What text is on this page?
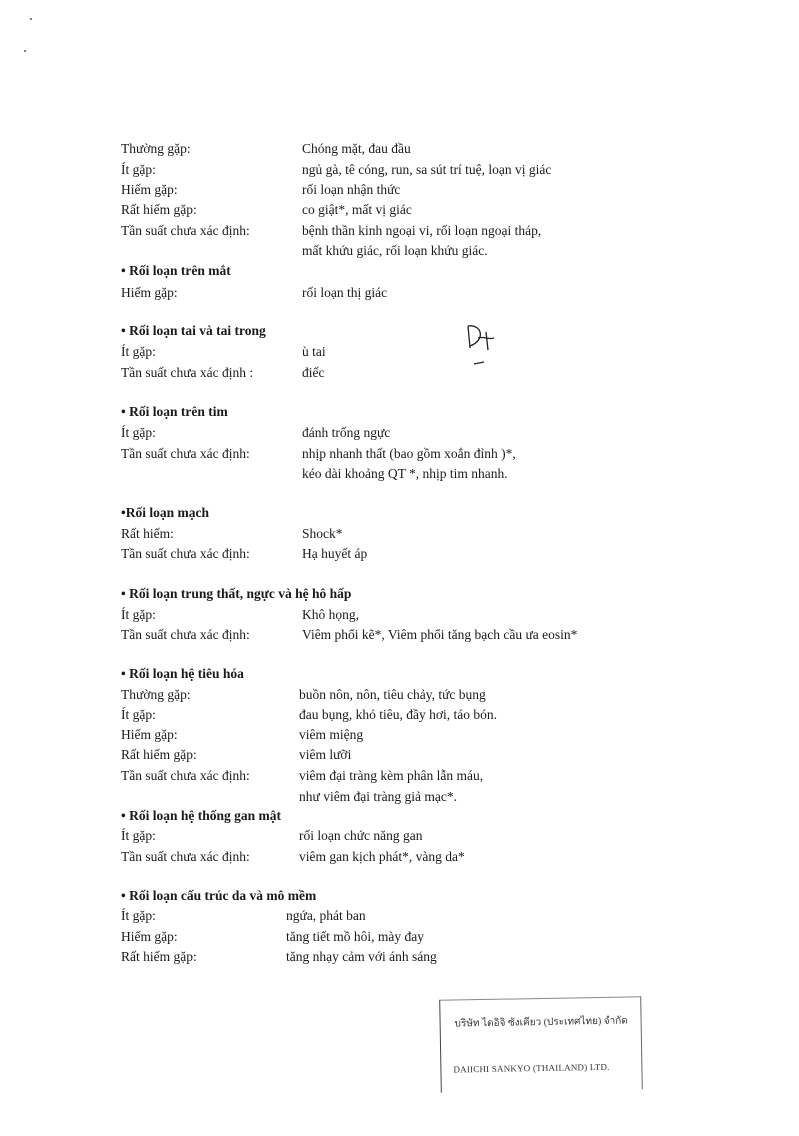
Thường gặp:	Chóng mặt, đau đầu
Ít gặp:	ngủ gà, tê cóng, run, sa sút trí tuệ, loạn vị giác
Hiếm gặp:	rối loạn nhận thức
Rất hiếm gặp:	co giật*, mất vị giác
Tần suất chưa xác định:	bệnh thần kinh ngoại vi, rối loạn ngoại tháp,
mất khứu giác, rối loạn khứu giác.
• Rối loạn trên mắt
Hiếm gặp:	rối loạn thị giác
• Rối loạn tai và tai trong
Ít gặp:	ù tai
Tần suất chưa xác định :	điếc
• Rối loạn trên tim
Ít gặp:	đánh trống ngực
Tần suất chưa xác định:	nhịp nhanh thất (bao gồm xoắn đỉnh )*,
kéo dài khoảng QT *, nhịp tim nhanh.
•Rối loạn mạch
Rất hiếm:	Shock*
Tần suất chưa xác định:	Hạ huyết áp
• Rối loạn trung thất, ngực và hệ hô hấp
Ít gặp:	Khô họng,
Tần suất chưa xác định:	Viêm phổi kẽ*, Viêm phổi tăng bạch cầu ưa eosin*
• Rối loạn hệ tiêu hóa
Thường gặp:	buồn nôn, nôn, tiêu chảy, tức bụng
Ít gặp:	đau bụng, khó tiêu, đầy hơi, táo bón.
Hiếm gặp:	viêm miệng
Rất hiếm gặp:	viêm lưỡi
Tần suất chưa xác định:	viêm đại tràng kèm phân lẫn máu,
như viêm đại tràng giả mạc*.
• Rối loạn hệ thống gan mật
Ít gặp:	rối loạn chức năng gan
Tần suất chưa xác định:	viêm gan kịch phát*, vàng da*
• Rối loạn cấu trúc da và mô mềm
Ít gặp:	ngứa, phát ban
Hiếm gặp:	tăng tiết mồ hôi, mày đay
Rất hiếm gặp:	tăng nhạy cảm với ánh sáng
บริษัท ไดอิจิ ซังเคียว (ประเทศไทย) จำกัด
DAIICHI SANKYO (THAILAND) LTD.
